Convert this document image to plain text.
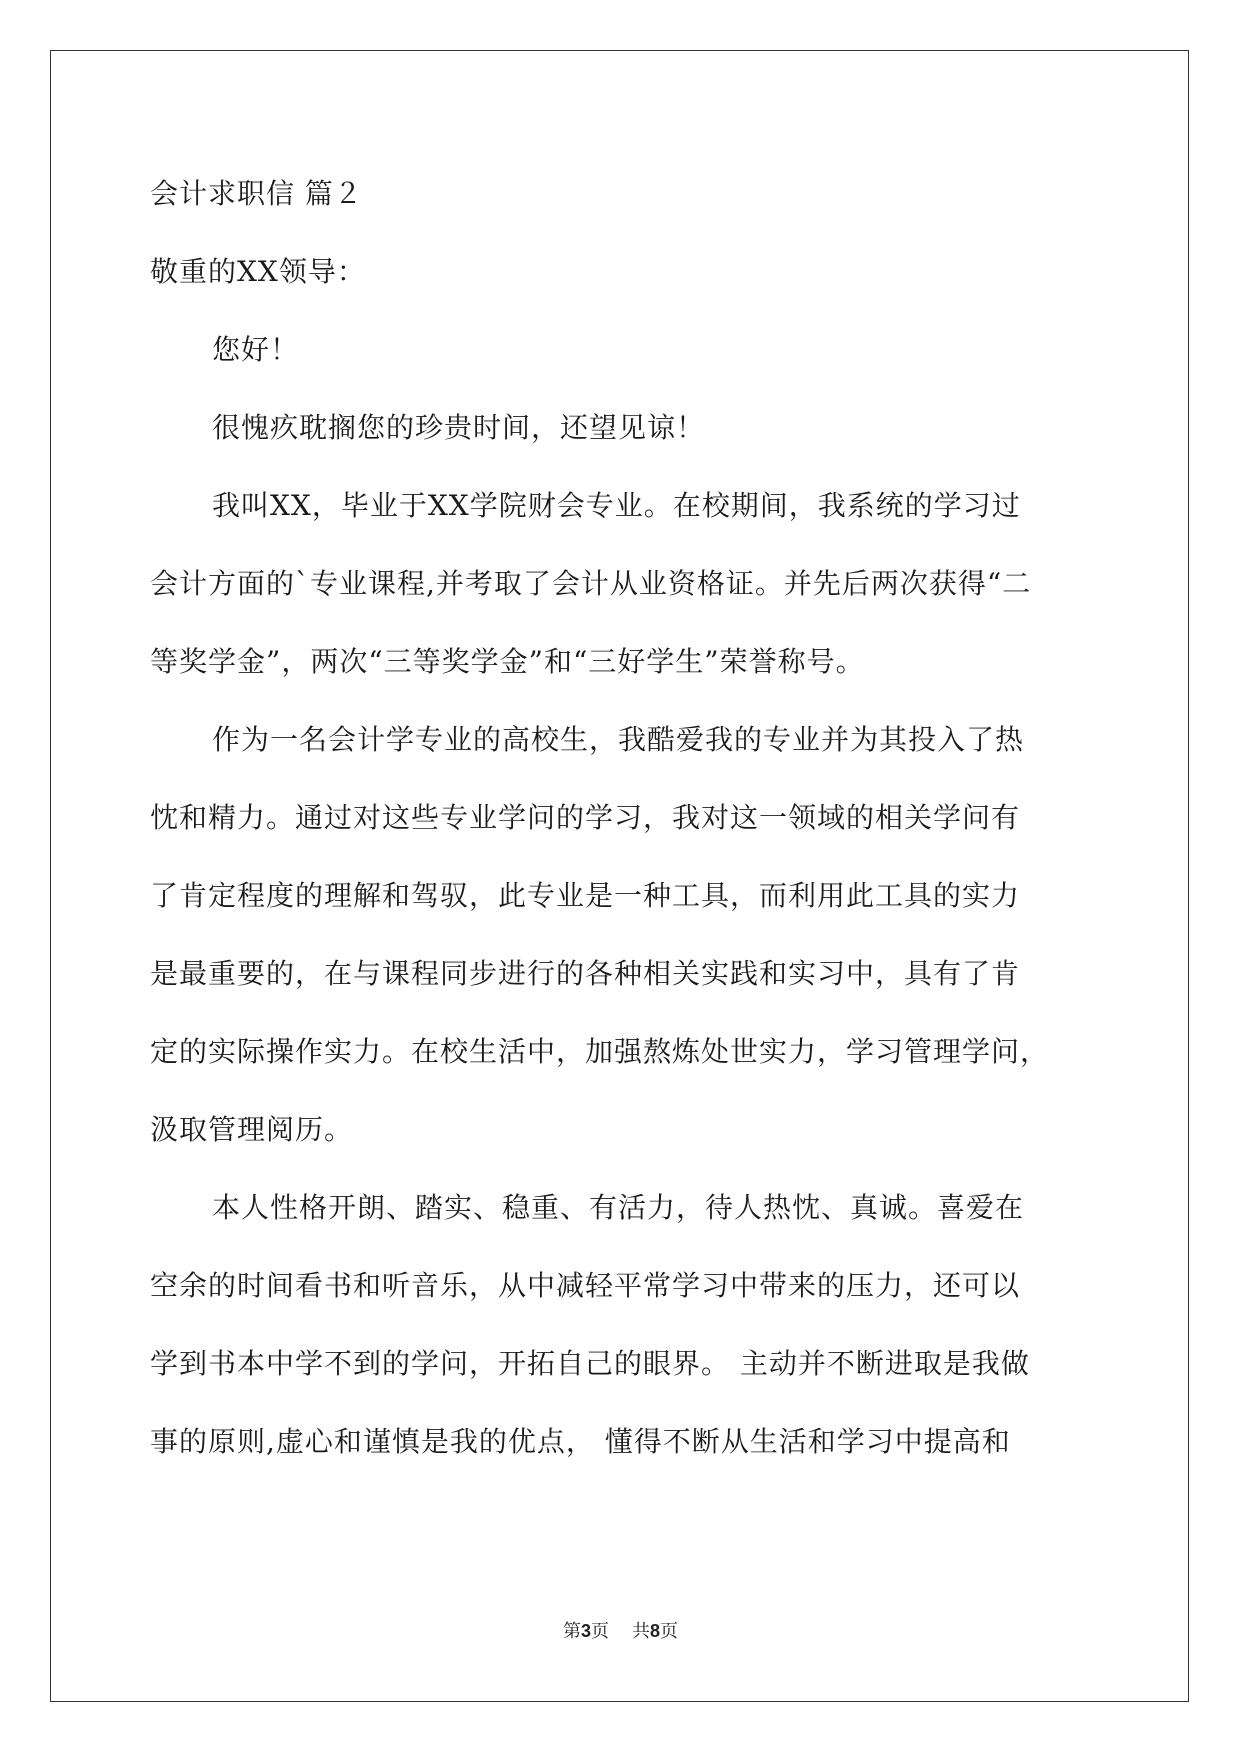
会计求职信 篇２
敬重的XX领导：
您好！
很愧疚耽搁您的珍贵时间，还望见谅！
我叫XX，毕业于XX学院财会专业。在校期间，我系统的学习过
会计方面的`专业课程,并考取了会计从业资格证。并先后两次获得“二
等奖学金”，两次“三等奖学金”和“三好学生”荣誉称号。
作为一名会计学专业的高校生，我酷爱我的专业并为其投入了热
忱和精力。通过对这些专业学问的学习，我对这一领域的相关学问有
了肯定程度的理解和驾驭，此专业是一种工具，而利用此工具的实力
是最重要的，在与课程同步进行的各种相关实践和实习中，具有了肯
定的实际操作实力。在校生活中，加强熬炼处世实力，学习管理学问，
汲取管理阅历。
本人性格开朗、踏实、稳重、有活力，待人热忱、真诚。喜爱在
空余的时间看书和听音乐，从中减轻平常学习中带来的压力，还可以
学到书本中学不到的学问，开拓自己的眼界。 主动并不断进取是我做
事的原则,虚心和谨慎是我的优点， 懂得不断从生活和学习中提高和
第3页 共8页
